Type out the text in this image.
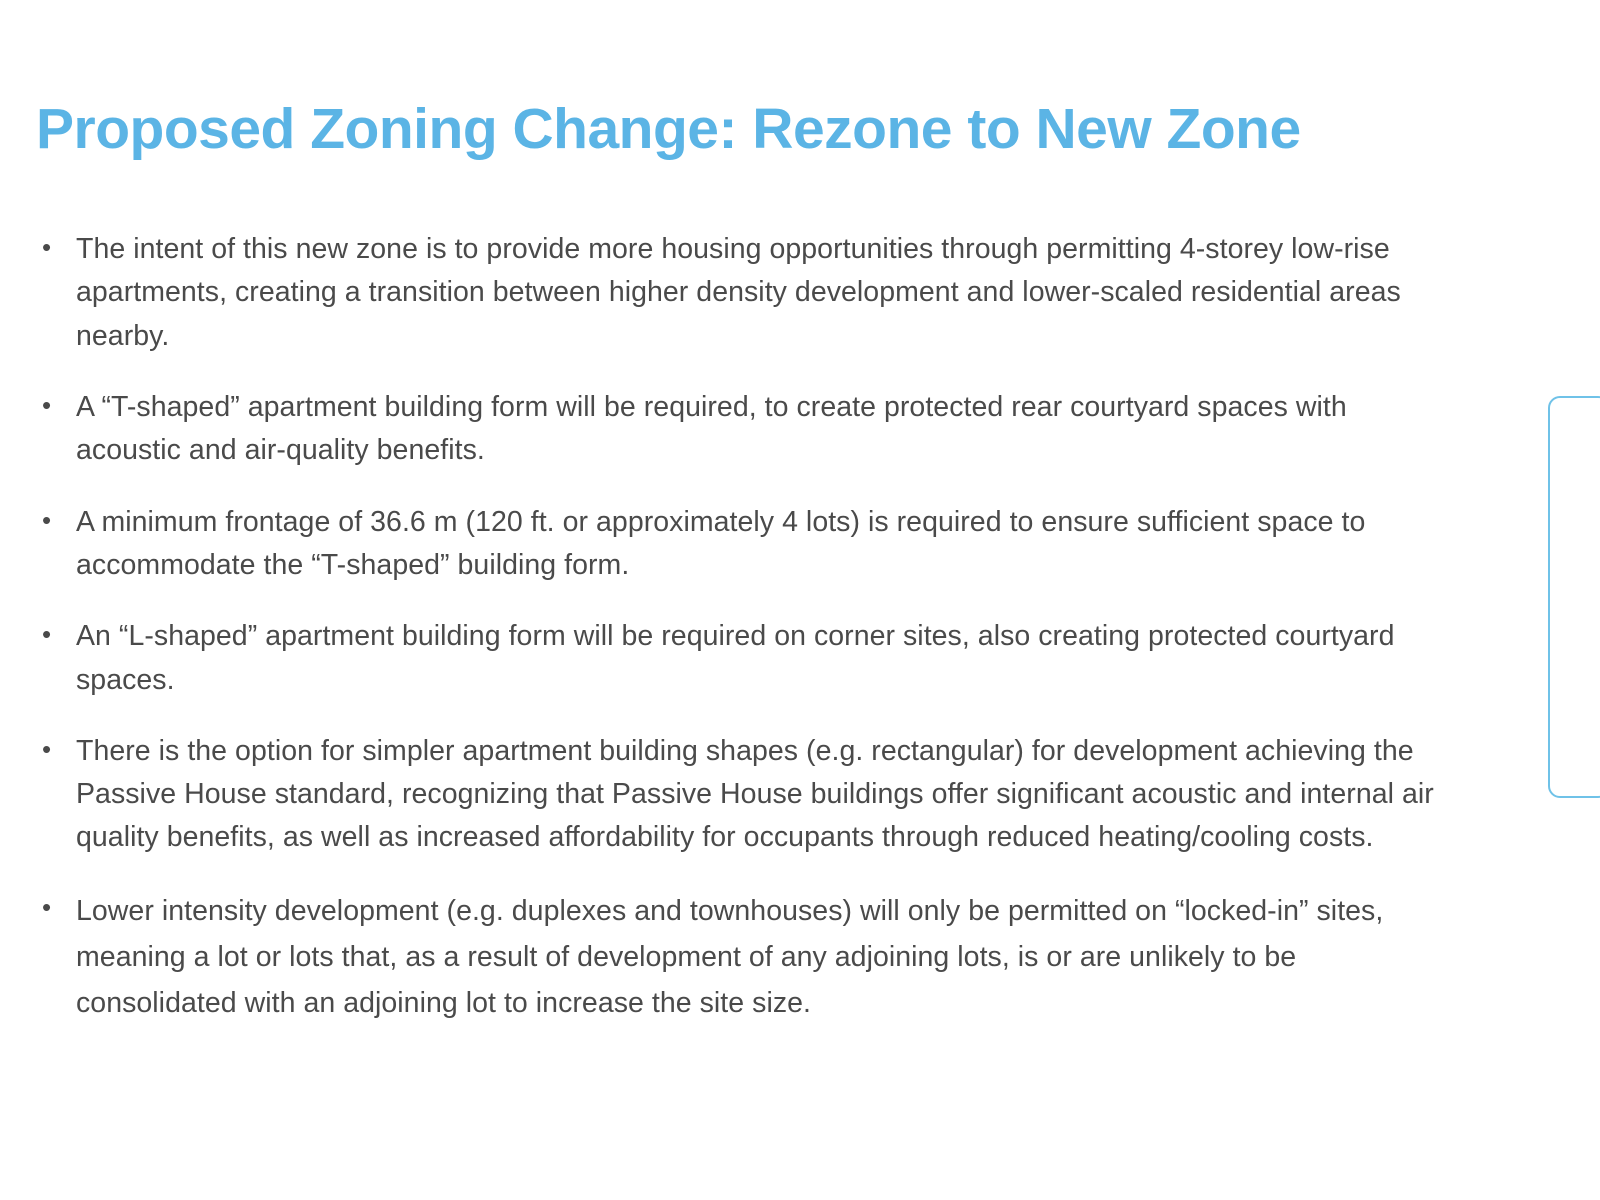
Proposed Zoning Change: Rezone to New Zone
• The intent of this new zone is to provide more housing opportunities through permitting 4-storey low-rise apartments, creating a transition between higher density development and lower-scaled residential areas nearby.
• A “T-shaped” apartment building form will be required, to create protected rear courtyard spaces with acoustic and air-quality benefits.
• A minimum frontage of 36.6 m (120 ft. or approximately 4 lots) is required to ensure sufficient space to accommodate the “T-shaped” building form.
• An “L-shaped” apartment building form will be required on corner sites, also creating protected courtyard spaces.
• There is the option for simpler apartment building shapes (e.g. rectangular) for development achieving the Passive House standard, recognizing that Passive House buildings offer significant acoustic and internal air quality benefits, as well as increased affordability for occupants through reduced heating/cooling costs.
• Lower intensity development (e.g. duplexes and townhouses) will only be permitted on “locked-in” sites, meaning a lot or lots that, as a result of development of any adjoining lots, is or are unlikely to be consolidated with an adjoining lot to increase the site size.
